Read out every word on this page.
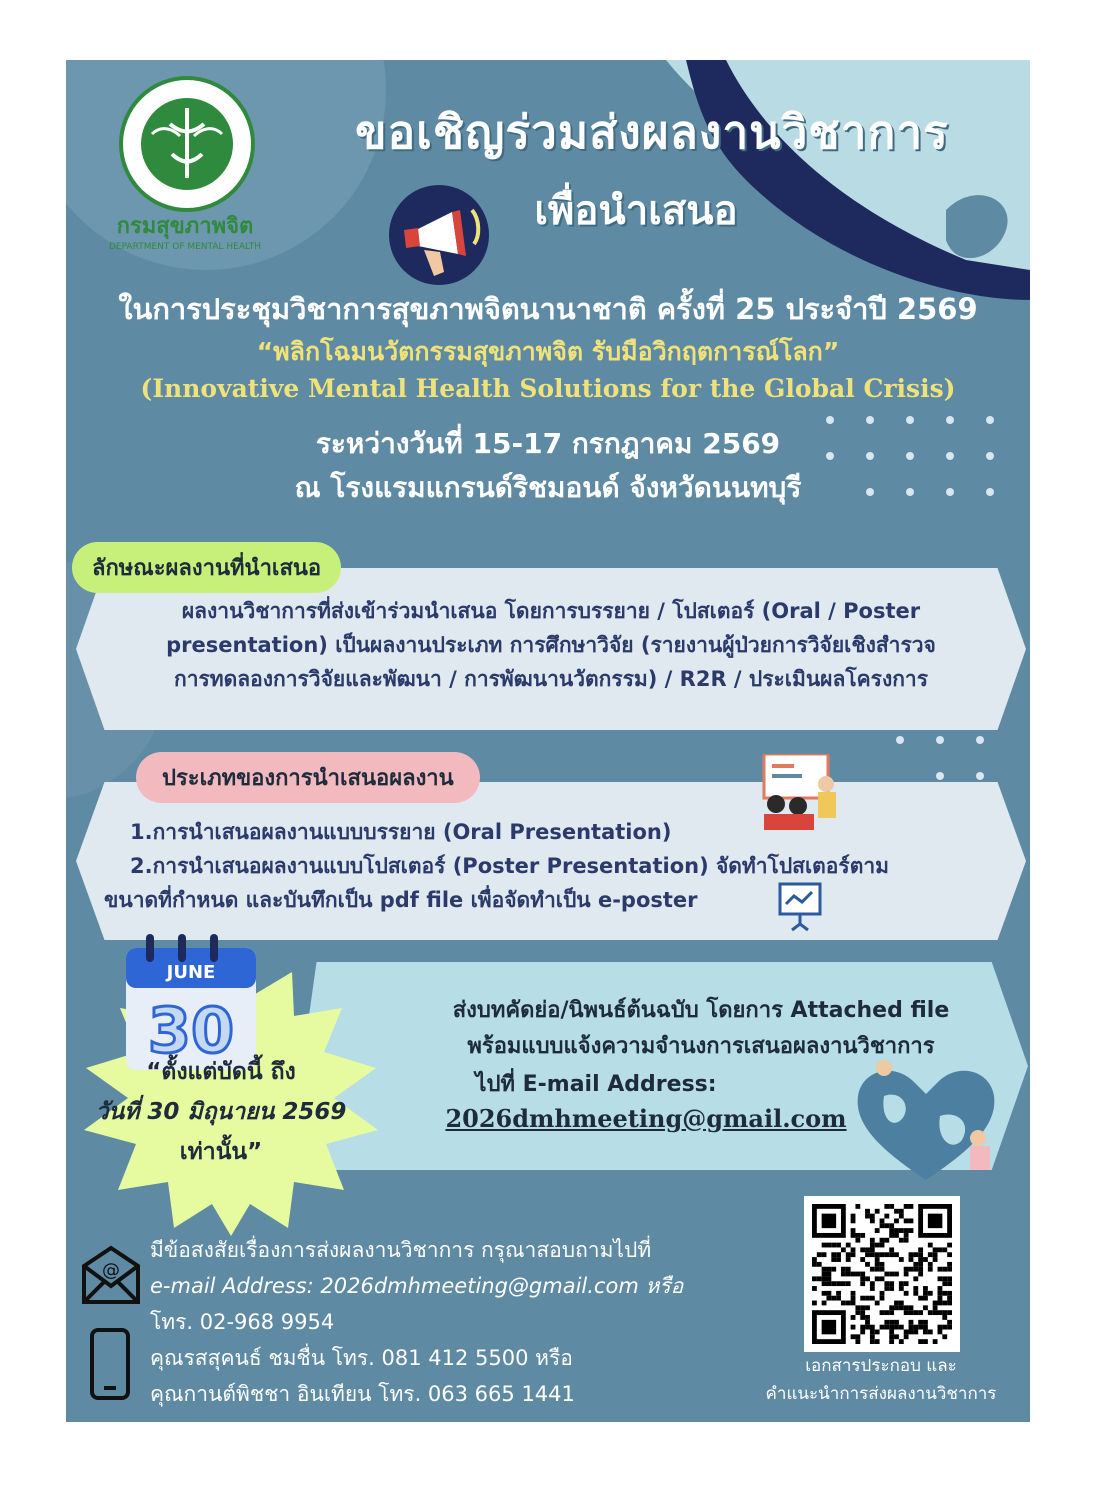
กรมสุขภาพจิต
DEPARTMENT OF MENTAL HEALTH
ขอเชิญร่วมส่งผลงานวิชาการ
เพื่อนำเสนอ
ในการประชุมวิชาการสุขภาพจิตนานาชาติ ครั้งที่ 25 ประจำปี 2569
“พลิกโฉมนวัตกรรมสุขภาพจิต รับมือวิกฤตการณ์โลก”
(Innovative Mental Health Solutions for the Global Crisis)
ระหว่างวันที่ 15-17 กรกฎาคม 2569
ณ โรงแรมแกรนด์ริชมอนด์ จังหวัดนนทบุรี
ลักษณะผลงานที่นำเสนอ
ผลงานวิชาการที่ส่งเข้าร่วมนำเสนอ โดยการบรรยาย / โปสเตอร์ (Oral / Poster
presentation) เป็นผลงานประเภท การศึกษาวิจัย (รายงานผู้ป่วยการวิจัยเชิงสำรวจ
การทดลองการวิจัยและพัฒนา / การพัฒนานวัตกรรม) / R2R / ประเมินผลโครงการ
ประเภทของการนำเสนอผลงาน
1.การนำเสนอผลงานแบบบรรยาย (Oral Presentation)
2.การนำเสนอผลงานแบบโปสเตอร์ (Poster Presentation) จัดทำโปสเตอร์ตาม
ขนาดที่กำหนด และบันทึกเป็น pdf file เพื่อจัดทำเป็น e-poster
ส่งบทคัดย่อ/นิพนธ์ต้นฉบับ โดยการ Attached file
พร้อมแบบแจ้งความจำนงการเสนอผลงานวิชาการ
ไปที่ E-mail Address:
2026dmhmeeting@gmail.com
JUNE
30
“ตั้งแต่บัดนี้ ถึง
วันที่ 30 มิถุนายน 2569
เท่านั้น”
@
มีข้อสงสัยเรื่องการส่งผลงานวิชาการ กรุณาสอบถามไปที่
e-mail Address: 2026dmhmeeting@gmail.com หรือ
โทร. 02-968 9954
คุณรสสุคนธ์ ชมชื่น โทร. 081 412 5500 หรือ
คุณกานต์พิชชา อินเทียน โทร. 063 665 1441
เอกสารประกอบ และ
คำแนะนำการส่งผลงานวิชาการ
